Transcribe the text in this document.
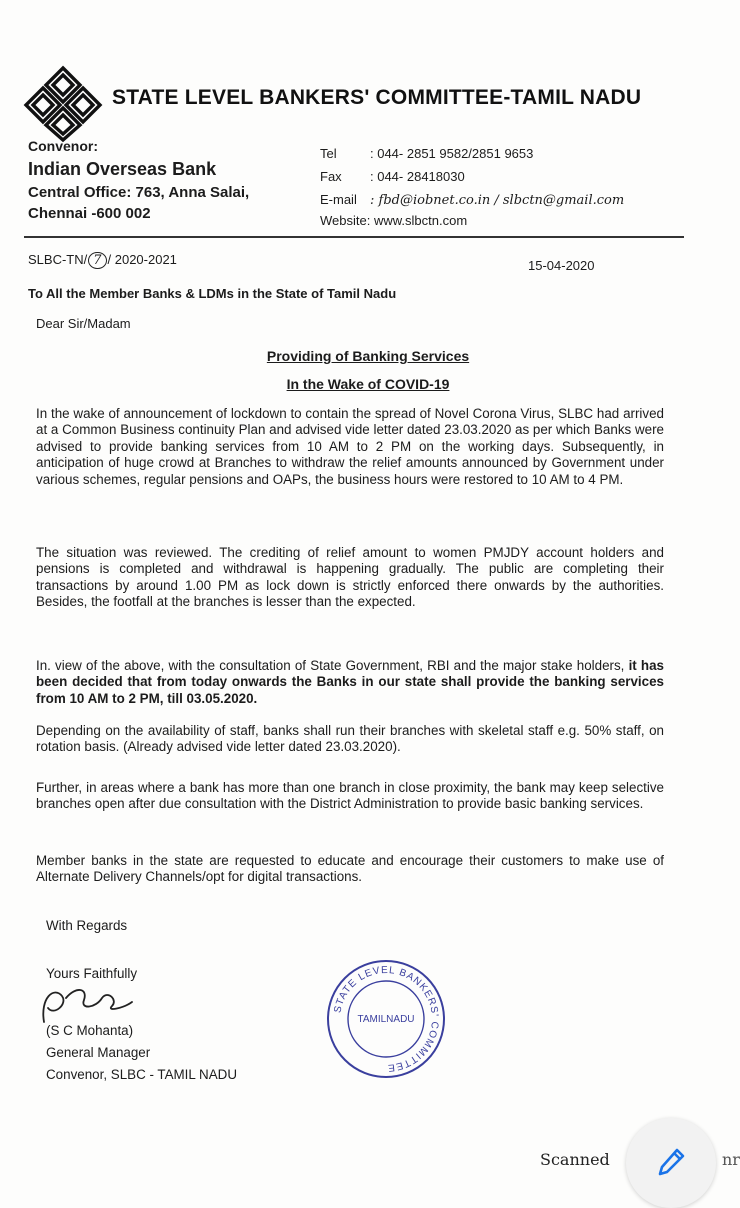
STATE LEVEL BANKERS' COMMITTEE-TAMIL NADU
Convenor:
Indian Overseas Bank
Central Office: 763, Anna Salai,
Chennai -600 002
Tel	: 044- 2851 9582/2851 9653
Fax : 044- 28418030
E-mail : fbd@iobnet.co.in / slbctn@gmail.com
Website: www.slbctn.com
SLBC-TN/ 7 / 2020-2021	15-04-2020
To All the Member Banks & LDMs in the State of Tamil Nadu
Dear Sir/Madam
Providing of Banking Services
In the Wake of COVID-19
In the wake of announcement of lockdown to contain the spread of Novel Corona Virus, SLBC had arrived at a Common Business continuity Plan and advised vide letter dated 23.03.2020 as per which Banks were advised to provide banking services from 10 AM to 2 PM on the working days. Subsequently, in anticipation of huge crowd at Branches to withdraw the relief amounts announced by Government under various schemes, regular pensions and OAPs, the business hours were restored to 10 AM to 4 PM.
The situation was reviewed. The crediting of relief amount to women PMJDY account holders and pensions is completed and withdrawal is happening gradually. The public are completing their transactions by around 1.00 PM as lock down is strictly enforced there onwards by the authorities. Besides, the footfall at the branches is lesser than the expected.
In. view of the above, with the consultation of State Government, RBI and the major stake holders, it has been decided that from today onwards the Banks in our state shall provide the banking services from 10 AM to 2 PM, till 03.05.2020.
Depending on the availability of staff, banks shall run their branches with skeletal staff e.g. 50% staff, on rotation basis. (Already advised vide letter dated 23.03.2020).
Further, in areas where a bank has more than one branch in close proximity, the bank may keep selective branches open after due consultation with the District Administration to provide basic banking services.
Member banks in the state are requested to educate and encourage their customers to make use of Alternate Delivery Channels/opt for digital transactions.
With Regards
Yours Faithfully
(S C Mohanta)
General Manager
Convenor, SLBC - TAMIL NADU
STATE LEVEL BANKERS' COMMITTEE
TAMILNADU
Scanned	nr
